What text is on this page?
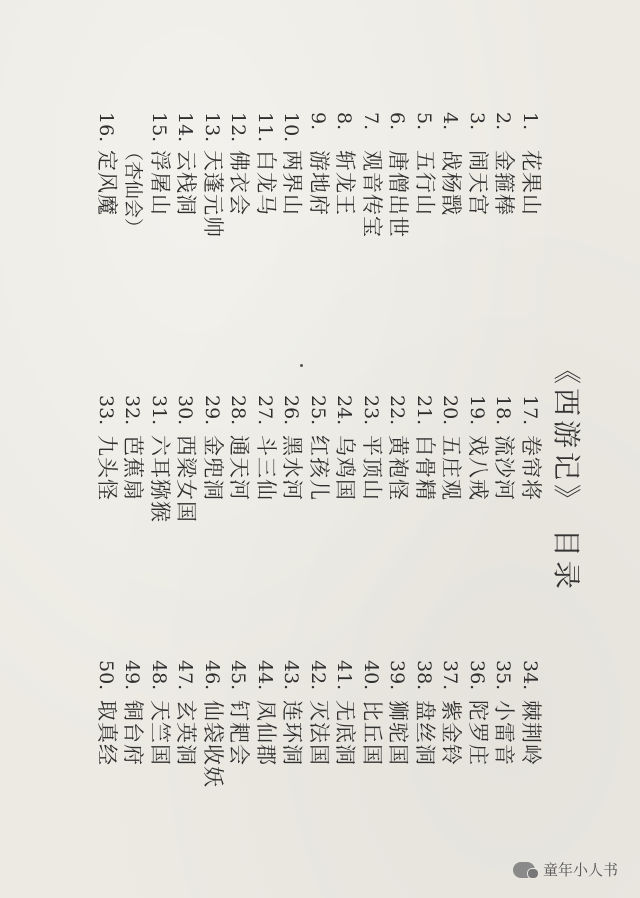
《西游记》 目录
1.
花果山
2.
金箍棒
3.
闹天宫
4.
战杨戬
5.
五行山
6.
唐僧出世
7.
观音传宝
8.
斩龙王
9.
游地府
10.
两界山
11.
白龙马
12.
佛衣会
13.
天蓬元帅
14.
云栈洞
15.
浮屠山
（杏仙会）
16.
定风魔
17.
卷帘将
18.
流沙河
19.
戏八戒
20.
五庄观
21.
白骨精
22.
黄袍怪
23.
平顶山
24.
乌鸡国
25.
红孩儿
26.
黑水河
27.
斗三仙
28.
通天河
29.
金兜洞
30.
西梁女国
31.
六耳猕猴
32.
芭蕉扇
33.
九头怪
34.
棘荆岭
35.
小雷音
36.
陀罗庄
37.
紫金铃
38.
盘丝洞
39.
狮驼国
40.
比丘国
41.
无底洞
42.
灭法国
43.
连环洞
44.
凤仙郡
45.
钉耙会
46.
仙袋收妖
47.
玄英洞
48.
天竺国
49.
铜台府
50.
取真经
童年小人书
